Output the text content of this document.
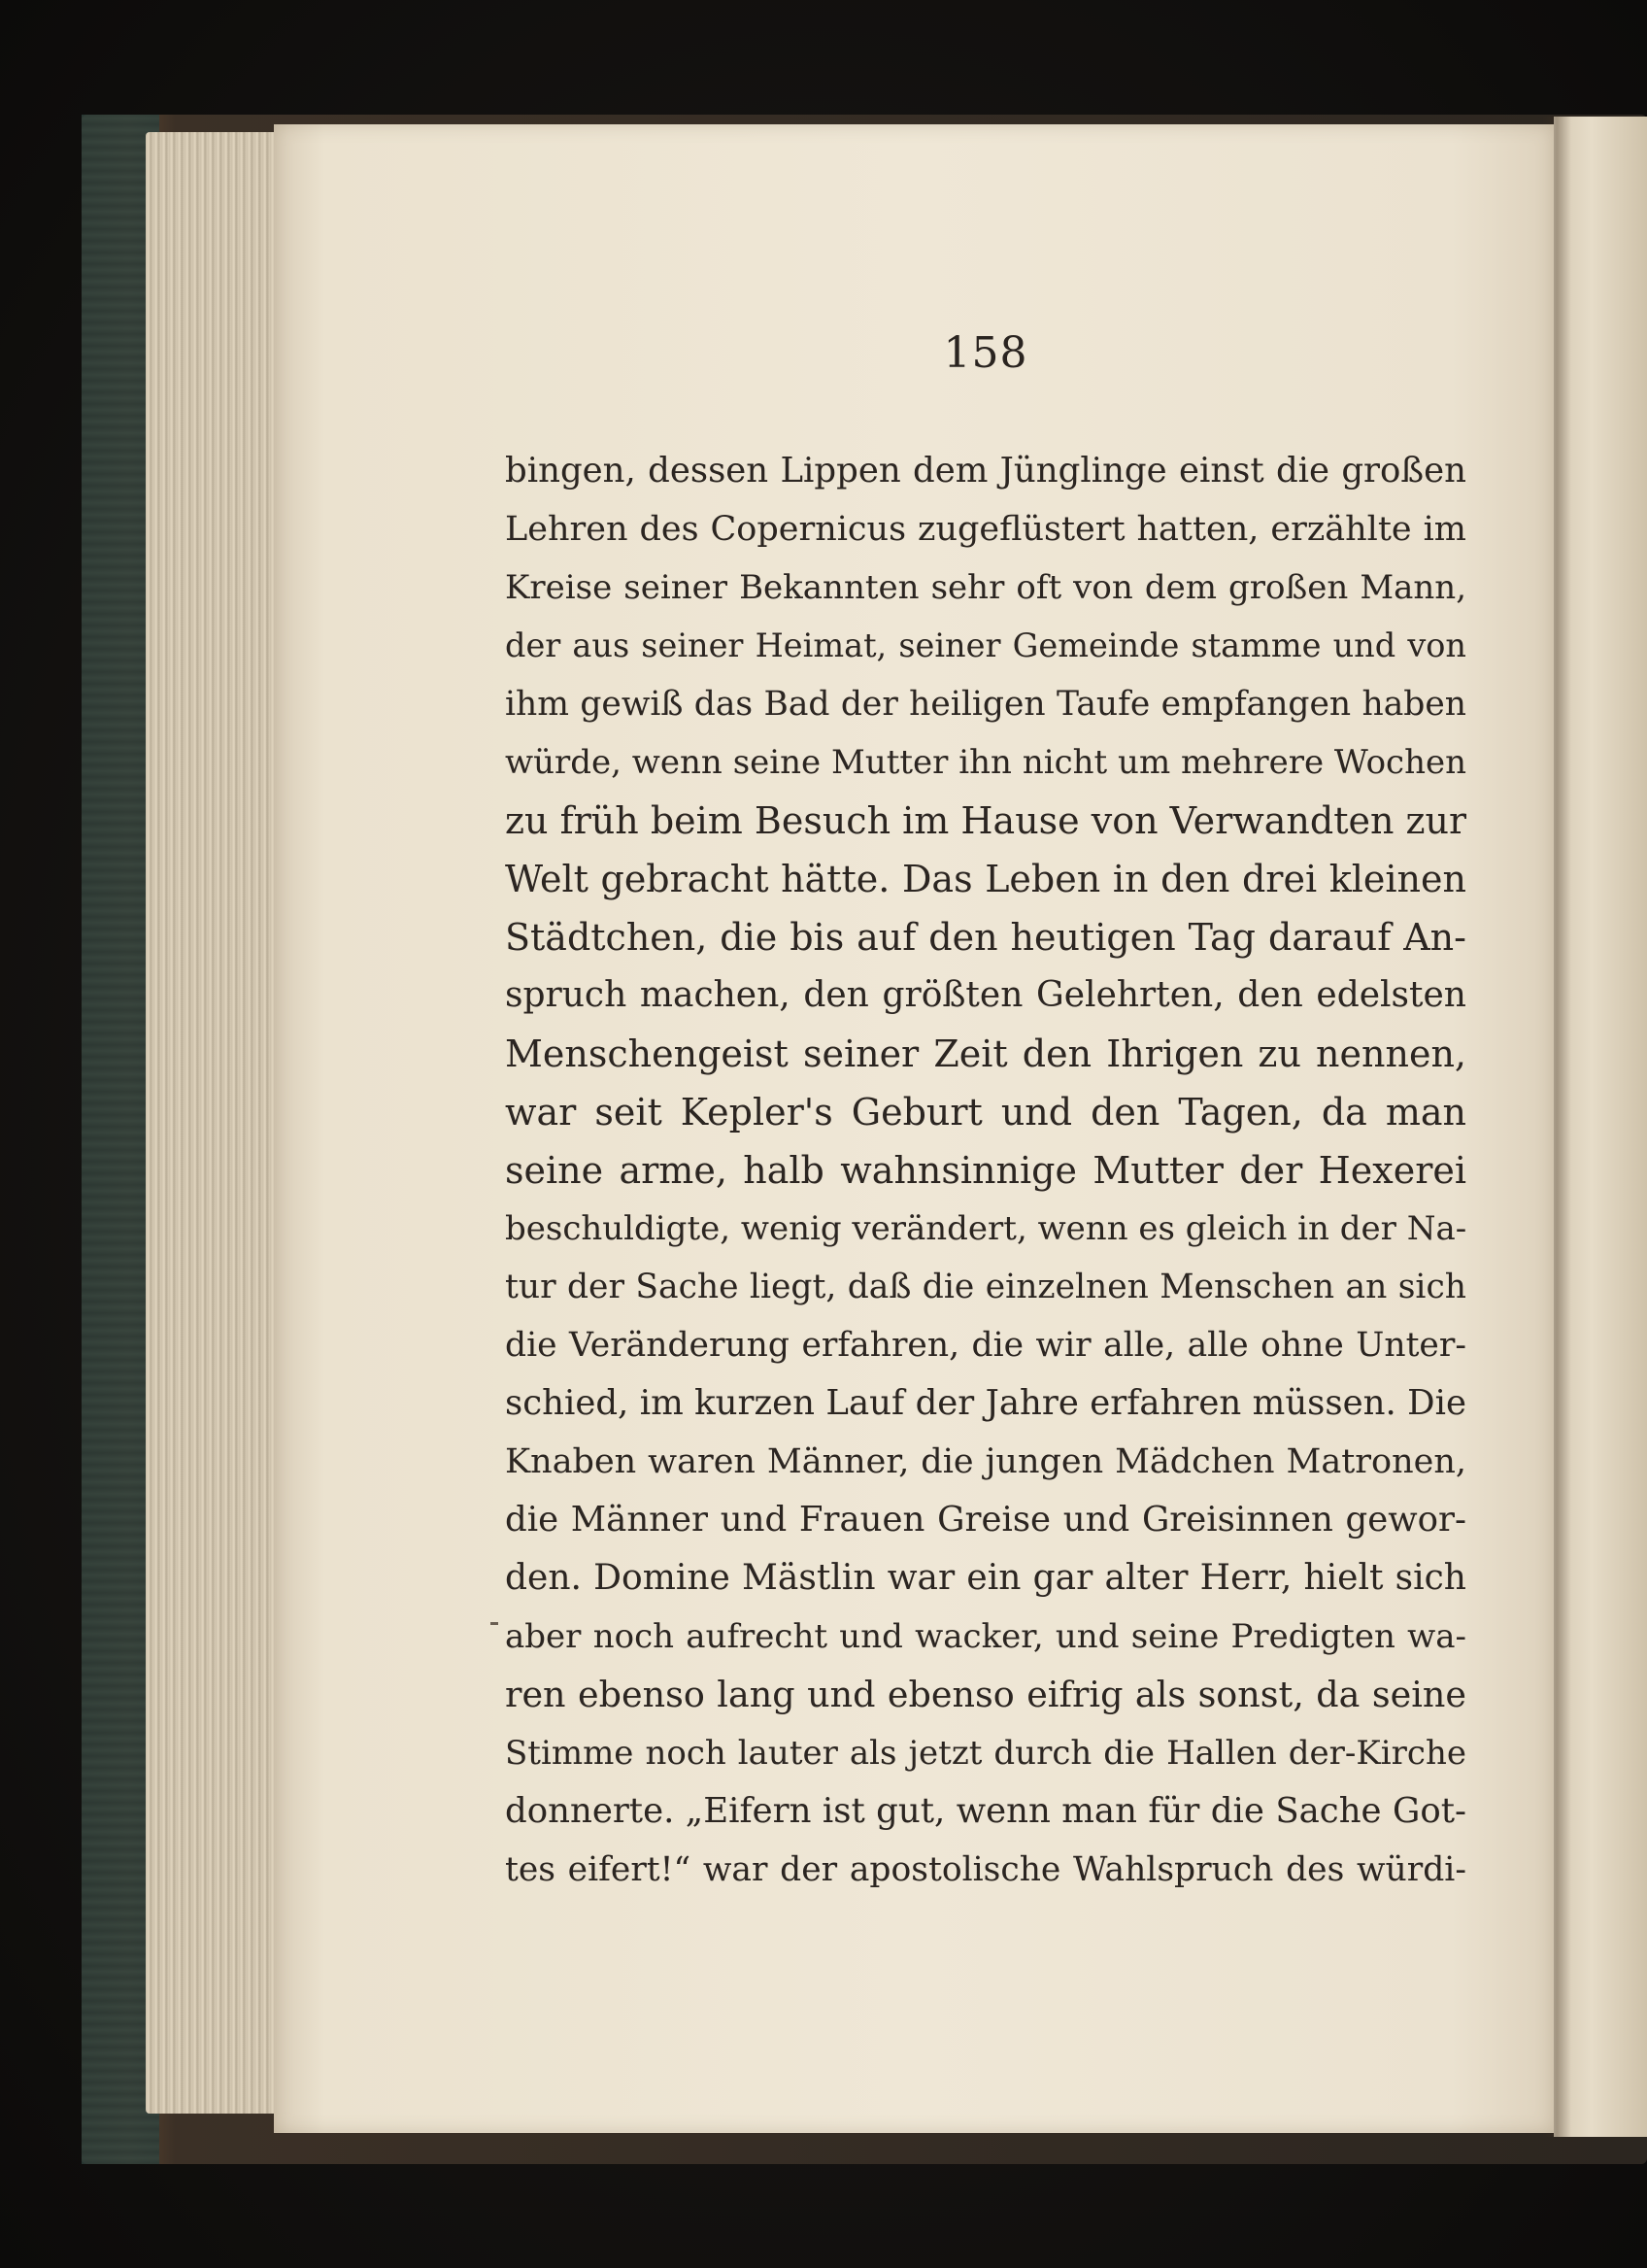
158
bingen, dessen Lippen dem Jünglinge einst die großen
Lehren des Copernicus zugeflüstert hatten, erzählte im
Kreise seiner Bekannten sehr oft von dem großen Mann,
der aus seiner Heimat, seiner Gemeinde stamme und von
ihm gewiß das Bad der heiligen Taufe empfangen haben
würde, wenn seine Mutter ihn nicht um mehrere Wochen
zu früh beim Besuch im Hause von Verwandten zur
Welt gebracht hätte. Das Leben in den drei kleinen
Städtchen, die bis auf den heutigen Tag darauf An-
spruch machen, den größten Gelehrten, den edelsten
Menschengeist seiner Zeit den Ihrigen zu nennen,
war seit Kepler's Geburt und den Tagen, da man
seine arme, halb wahnsinnige Mutter der Hexerei
beschuldigte, wenig verändert, wenn es gleich in der Na-
tur der Sache liegt, daß die einzelnen Menschen an sich
die Veränderung erfahren, die wir alle, alle ohne Unter-
schied, im kurzen Lauf der Jahre erfahren müssen. Die
Knaben waren Männer, die jungen Mädchen Matronen,
die Männer und Frauen Greise und Greisinnen gewor-
den. Domine Mästlin war ein gar alter Herr, hielt sich
aber noch aufrecht und wacker, und seine Predigten wa-
ren ebenso lang und ebenso eifrig als sonst, da seine
Stimme noch lauter als jetzt durch die Hallen der-Kirche
donnerte. „Eifern ist gut, wenn man für die Sache Got-
tes eifert!“ war der apostolische Wahlspruch des würdi-
